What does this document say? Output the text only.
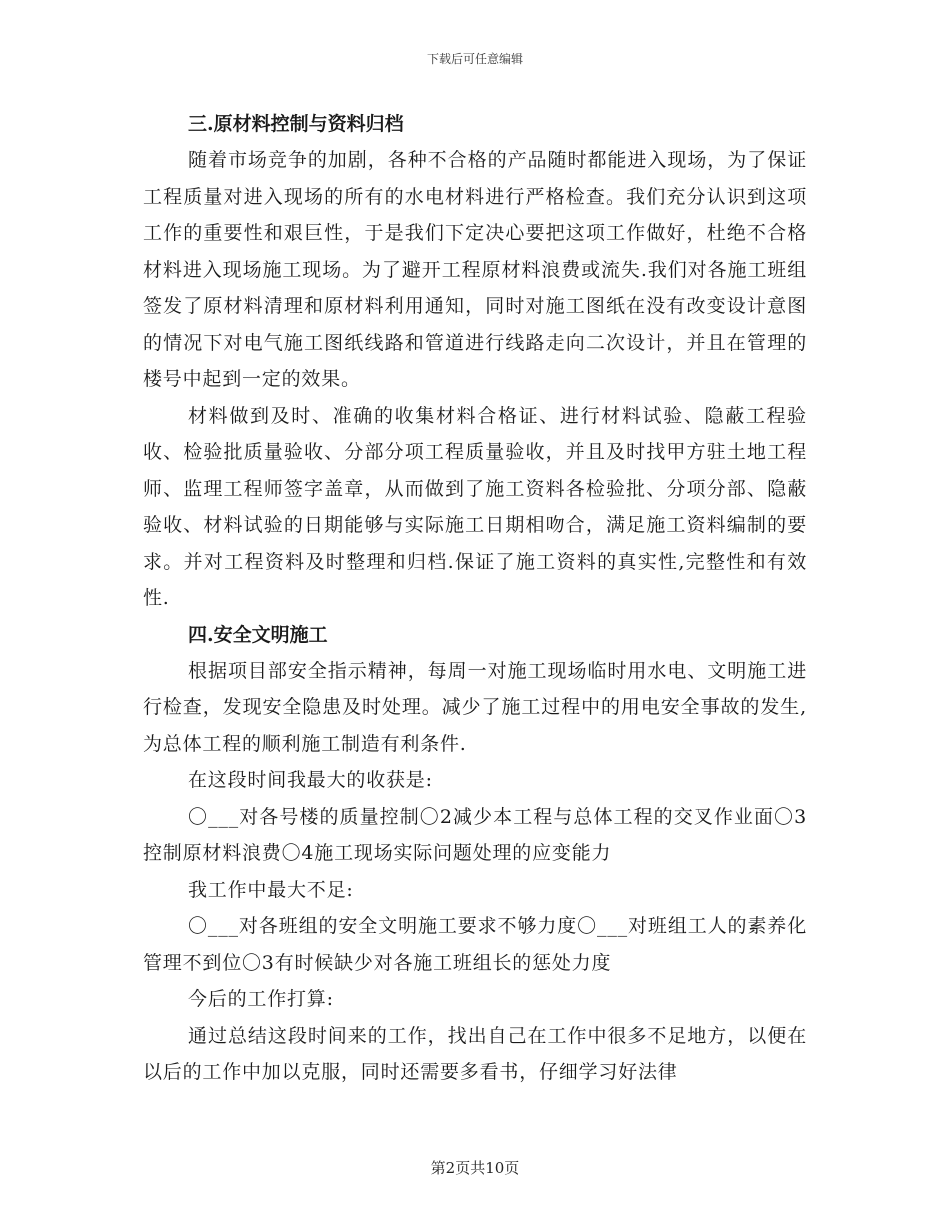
下载后可任意编辑

三.原材料控制与资料归档

随着市场竞争的加剧，各种不合格的产品随时都能进入现场，为了保证工程质量对进入现场的所有的水电材料进行严格检查。我们充分认识到这项工作的重要性和艰巨性，于是我们下定决心要把这项工作做好，杜绝不合格材料进入现场施工现场。为了避开工程原材料浪费或流失.我们对各施工班组签发了原材料清理和原材料利用通知，同时对施工图纸在没有改变设计意图的情况下对电气施工图纸线路和管道进行线路走向二次设计，并且在管理的楼号中起到一定的效果。

材料做到及时、准确的收集材料合格证、进行材料试验、隐蔽工程验收、检验批质量验收、分部分项工程质量验收，并且及时找甲方驻土地工程师、监理工程师签字盖章，从而做到了施工资料各检验批、分项分部、隐蔽验收、材料试验的日期能够与实际施工日期相吻合，满足施工资料编制的要求。并对工程资料及时整理和归档.保证了施工资料的真实性,完整性和有效性.

四.安全文明施工

根据项目部安全指示精神，每周一对施工现场临时用水电、文明施工进行检查，发现安全隐患及时处理。减少了施工过程中的用电安全事故的发生,为总体工程的顺利施工制造有利条件.

在这段时间我最大的收获是:

〇___对各号楼的质量控制〇2减少本工程与总体工程的交叉作业面〇3控制原材料浪费〇4施工现场实际问题处理的应变能力

我工作中最大不足:

〇___对各班组的安全文明施工要求不够力度〇___对班组工人的素养化管理不到位〇3有时候缺少对各施工班组长的惩处力度

今后的工作打算:

通过总结这段时间来的工作，找出自己在工作中很多不足地方，以便在以后的工作中加以克服，同时还需要多看书，仔细学习好法律

第2页共10页
